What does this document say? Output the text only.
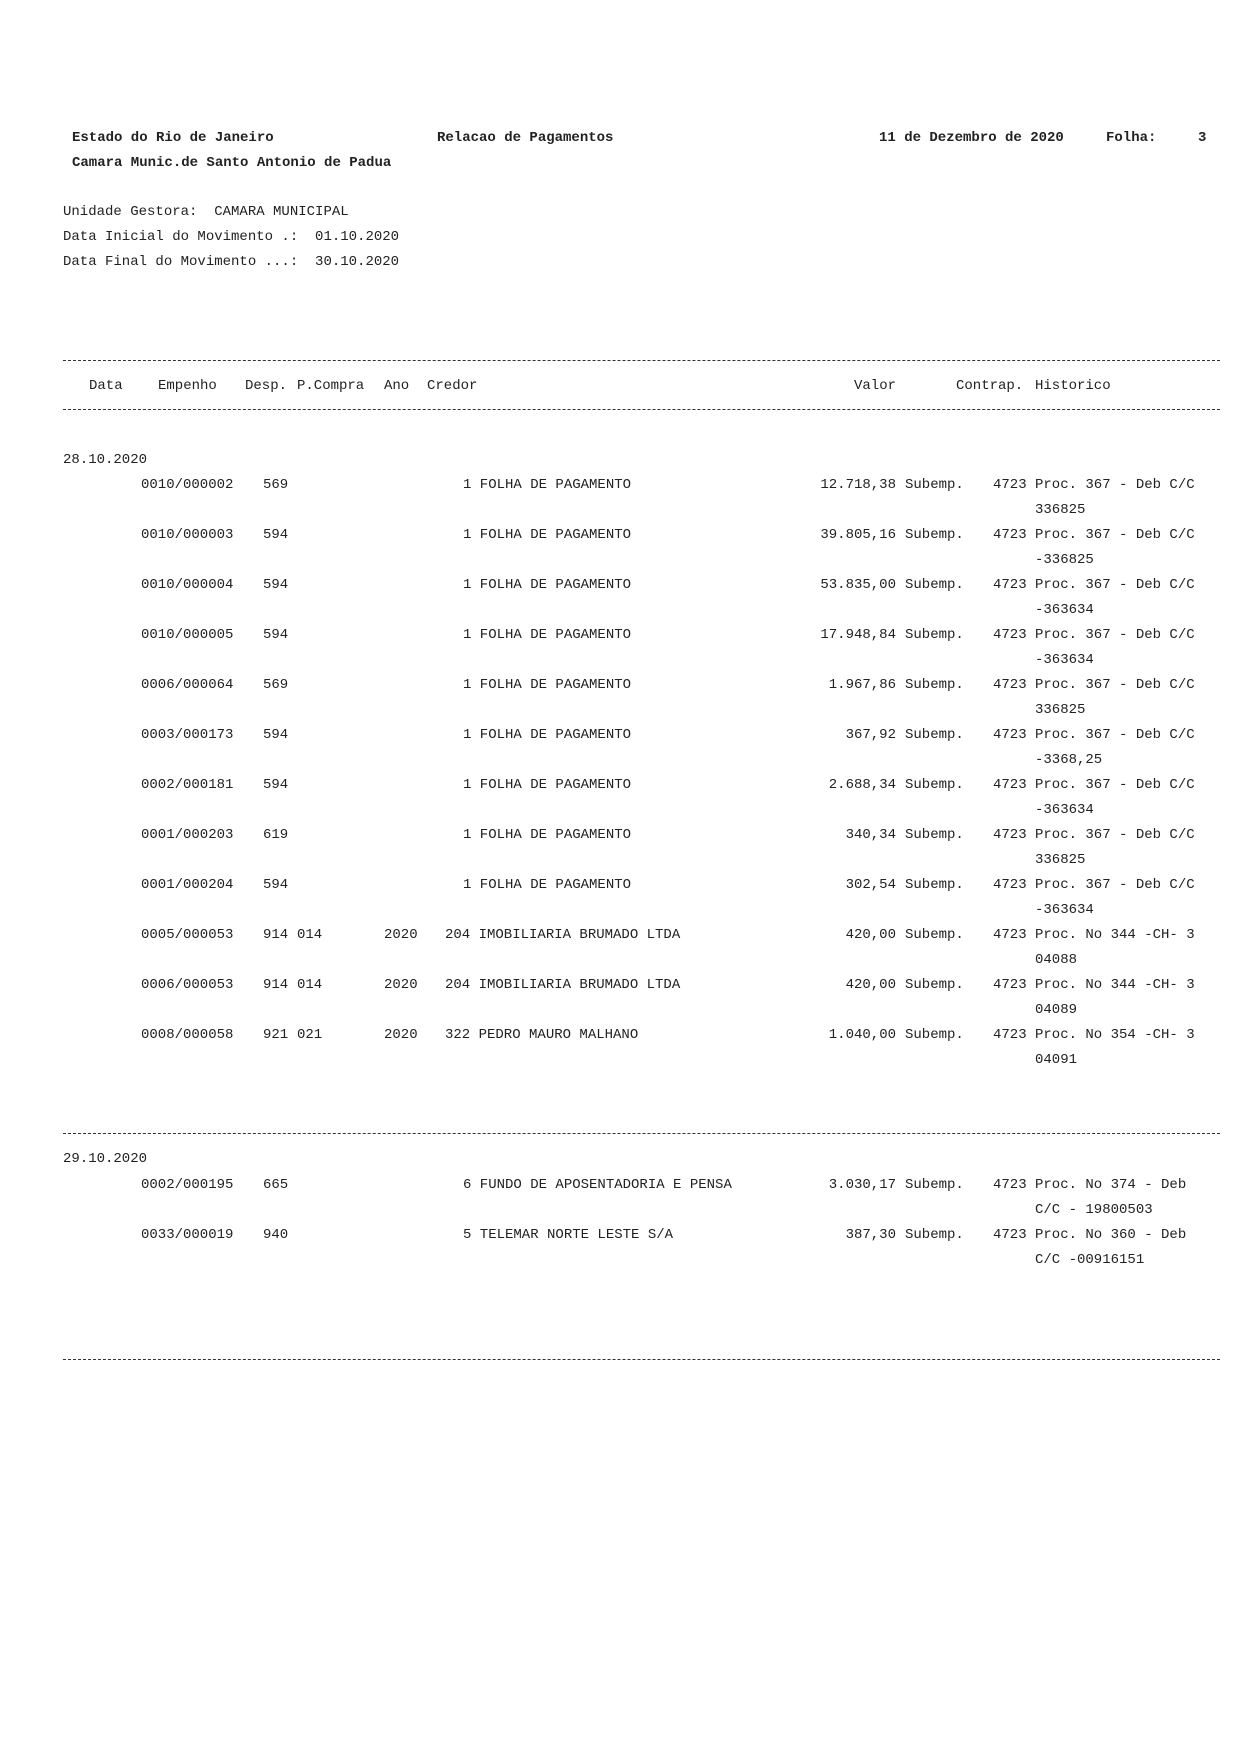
Estado do Rio de Janeiro	Relacao de Pagamentos	11 de Dezembro de 2020	Folha:	3
Camara Munic.de Santo Antonio de Padua
Unidade Gestora:  CAMARA MUNICIPAL
Data Inicial do Movimento .:  01.10.2020
Data Final do Movimento ...:  30.10.2020
Data	Empenho Desp. P.Compra Ano Credor	Valor	Contrap. Historico
28.10.2020
0010/000002 569	1 FOLHA DE PAGAMENTO	12.718,38 Subemp. 4723 Proc. 367 - Deb C/C
336825
0010/000003 594	1 FOLHA DE PAGAMENTO	39.805,16 Subemp. 4723 Proc. 367 - Deb C/C
-336825
0010/000004 594	1 FOLHA DE PAGAMENTO	53.835,00 Subemp. 4723 Proc. 367 - Deb C/C
-363634
0010/000005 594	1 FOLHA DE PAGAMENTO	17.948,84 Subemp. 4723 Proc. 367 - Deb C/C
-363634
0006/000064 569	1 FOLHA DE PAGAMENTO	1.967,86 Subemp. 4723 Proc. 367 - Deb C/C
336825
0003/000173 594	1 FOLHA DE PAGAMENTO	367,92 Subemp. 4723 Proc. 367 - Deb C/C
-3368,25
0002/000181 594	1 FOLHA DE PAGAMENTO	2.688,34 Subemp. 4723 Proc. 367 - Deb C/C
-363634
0001/000203 619	1 FOLHA DE PAGAMENTO	340,34 Subemp. 4723 Proc. 367 - Deb C/C
336825
0001/000204 594	1 FOLHA DE PAGAMENTO	302,54 Subemp. 4723 Proc. 367 - Deb C/C
-363634
0005/000053 914 014	2020 204 IMOBILIARIA BRUMADO LTDA	420,00 Subemp. 4723 Proc. No 344 -CH- 3
04088
0006/000053 914 014	2020 204 IMOBILIARIA BRUMADO LTDA	420,00 Subemp. 4723 Proc. No 344 -CH- 3
04089
0008/000058 921 021	2020 322 PEDRO MAURO MALHANO	1.040,00 Subemp. 4723 Proc. No 354 -CH- 3
04091
29.10.2020
0002/000195 665	6 FUNDO DE APOSENTADORIA E PENSA	3.030,17 Subemp. 4723 Proc. No 374 - Deb
C/C - 19800503
0033/000019 940	5 TELEMAR NORTE LESTE S/A	387,30 Subemp. 4723 Proc. No 360 - Deb
C/C -00916151
